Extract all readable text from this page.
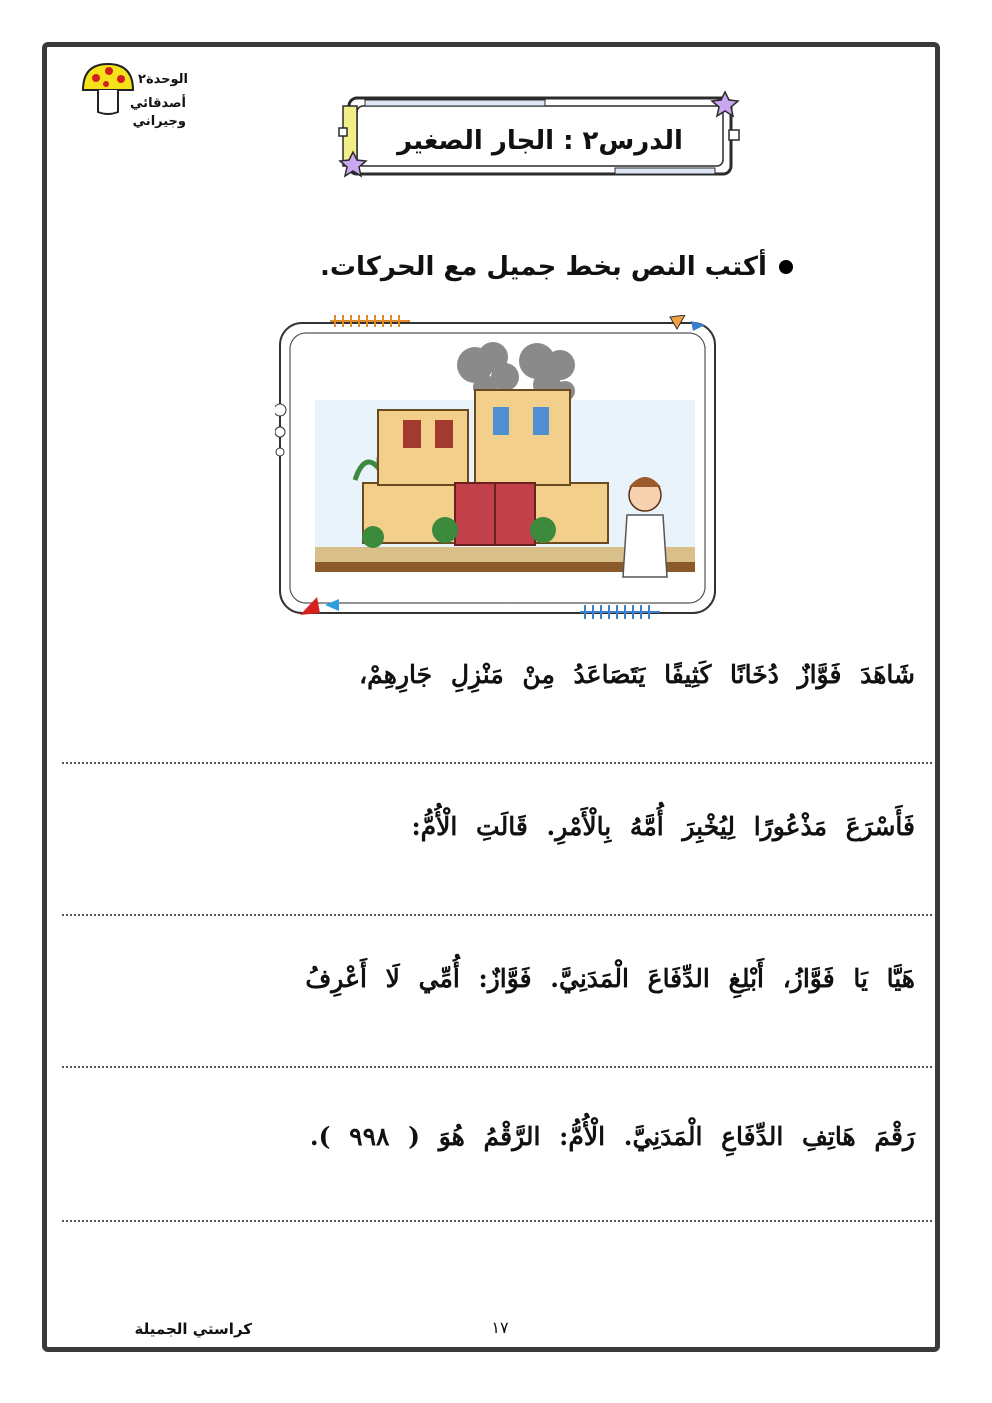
الوحدة٢
أصدقائي وجيراني
الدرس٢ : الجار الصغير
أكتب النص بخط جميل مع الحركات.
شَاهَدَ فَوَّازٌ دُخَانًا كَثِيفًا يَتَصَاعَدُ مِنْ مَنْزِلِ جَارِهِمْ،
فَأَسْرَعَ مَذْعُورًا لِيُخْبِرَ أُمَّهُ بِالْأَمْرِ. قَالَتِ الْأُمُّ:
هَيَّا يَا فَوَّازُ، أَبْلِغِ الدِّفَاعَ الْمَدَنِيَّ. فَوَّازٌ: أُمِّي لَا أَعْرِفُ
رَقْمَ هَاتِفِ الدِّفَاعِ الْمَدَنِيَّ. الْأُمُّ: الرَّقْمُ هُوَ ( ٩٩٨ ).
كراستي الجميلة	١٧
